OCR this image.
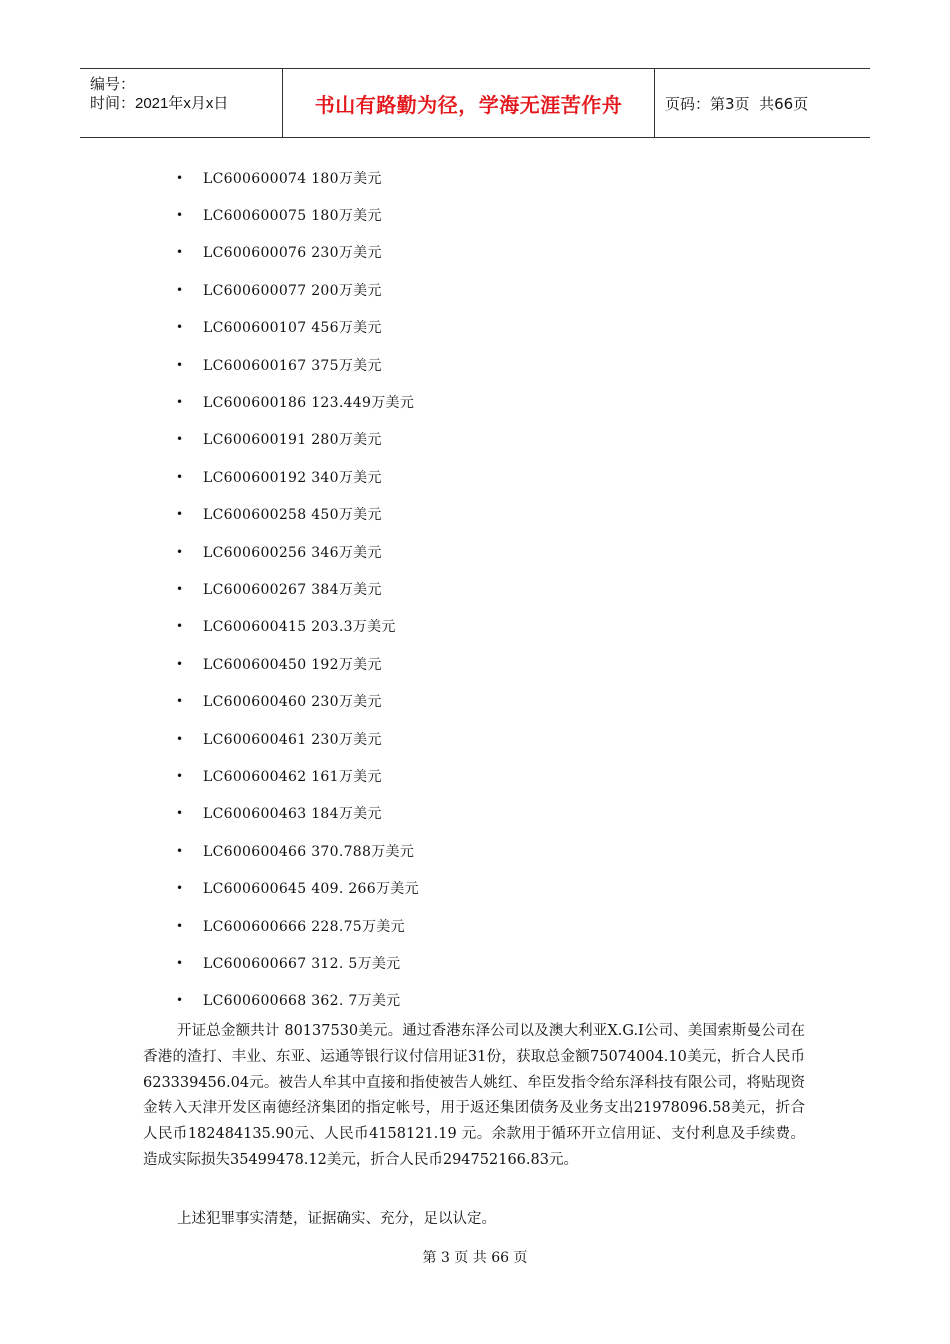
编号：
时间：2021年x月x日	书山有路勤为径，学海无涯苦作舟	页码：第3页  共66页
•	LC600600074 180万美元
•	LC600600075 180万美元
•	LC600600076 230万美元
•	LC600600077 200万美元
•	LC600600107 456万美元
•	LC600600167 375万美元
•	LC600600186 123.449万美元
•	LC600600191 280万美元
•	LC600600192 340万美元
•	LC600600258 450万美元
•	LC600600256 346万美元
•	LC600600267 384万美元
•	LC600600415 203.3万美元
•	LC600600450 192万美元
•	LC600600460 230万美元
•	LC600600461 230万美元
•	LC600600462 161万美元
•	LC600600463 184万美元
•	LC600600466 370.788万美元
•	LC600600645 409. 266万美元
•	LC600600666 228.75万美元
•	LC600600667 312. 5万美元
•	LC600600668 362. 7万美元

开证总金额共计 80137530美元。通过香港东泽公司以及澳大利亚X.G.I公司、美国索斯曼公司在香港的渣打、丰业、东亚、运通等银行议付信用证31份，获取总金额75074004.10美元，折合人民币 623339456.04元。被告人牟其中直接和指使被告人姚红、牟臣发指令给东泽科技有限公司，将贴现资金转入天津开发区南德经济集团的指定帐号，用于返还集团债务及业务支出21978096.58美元，折合人民币182484135.90元、人民币4158121.19 元。余款用于循环开立信用证、支付利息及手续费。造成实际损失35499478.12美元，折合人民币294752166.83元。

上述犯罪事实清楚，证据确实、充分，足以认定。

第 3 页 共 66 页
